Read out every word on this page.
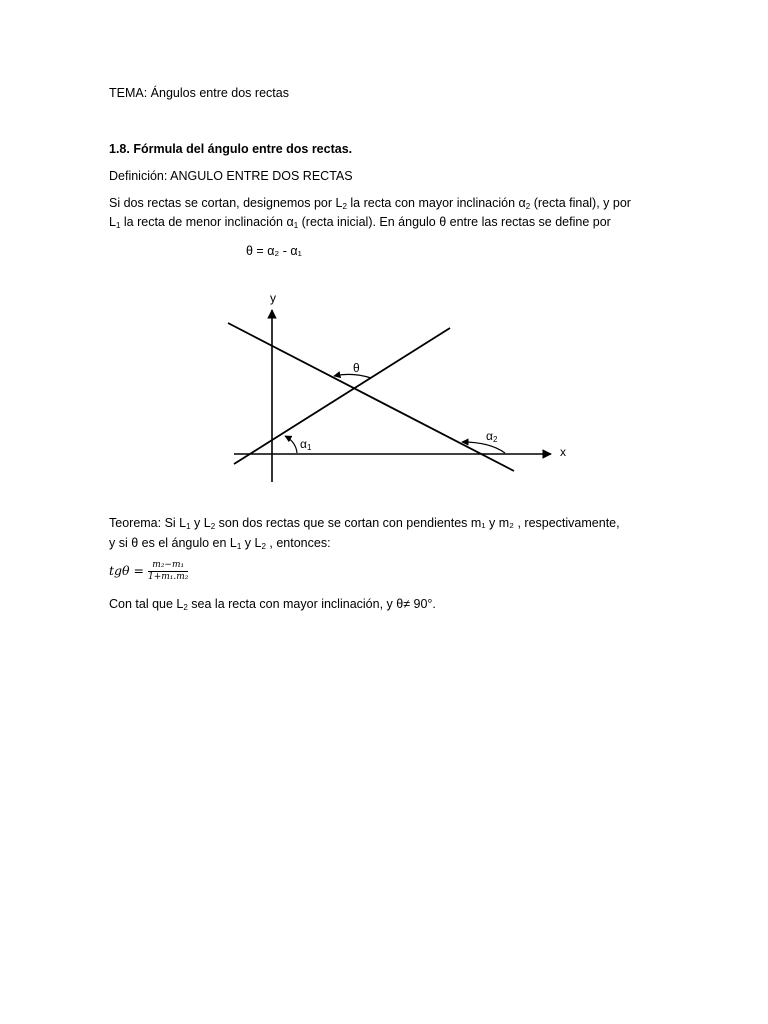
TEMA: Ángulos entre dos rectas
1.8. Fórmula del ángulo entre dos rectas.
Definición: ANGULO ENTRE DOS RECTAS
Si dos rectas se cortan, designemos por $L_2$ la recta con mayor inclinación $\alpha_2$ (recta final), y por
$L_1$ la recta de menor inclinación $\alpha_1$ (recta inicial). En ángulo θ entre las rectas se define por
θ = α₂ - α₁
y
x
θ
α1
α2
Teorema: Si $L_1$ y $L_2$ son dos rectas que se cortan con pendientes m₁ y m₂ , respectivamente,
y si θ es el ángulo en $L_1$ y $L_2$ , entonces:
$tg\theta = \frac{\text{m₂−m₁}}{\text{1+m₁.m₂}}$
Con tal que $L_2$ sea la recta con mayor inclinación, y θ≠ 90°.
